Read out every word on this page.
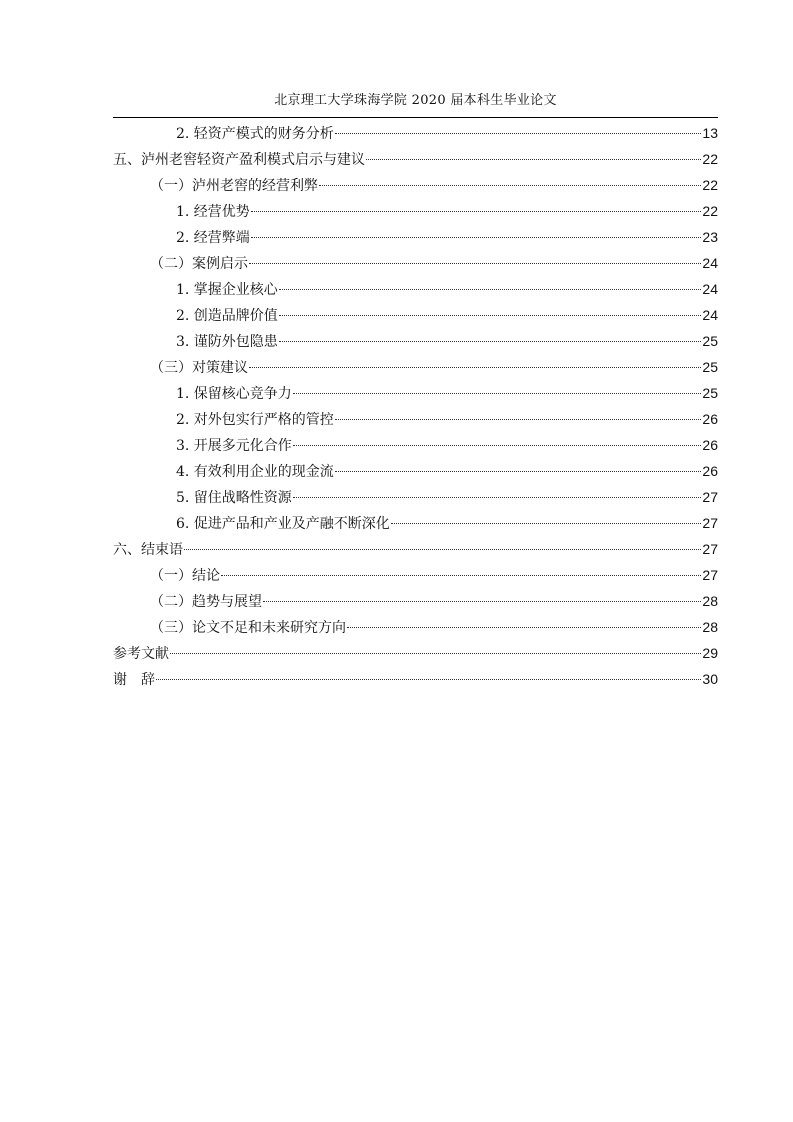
北京理工大学珠海学院 2020 届本科生毕业论文
2. 轻资产模式的财务分析	13
五、泸州老窖轻资产盈利模式启示与建议	22
（一）泸州老窖的经营利弊	22
1. 经营优势	22
2. 经营弊端	23
（二）案例启示	24
1. 掌握企业核心	24
2. 创造品牌价值	24
3. 谨防外包隐患	25
（三）对策建议	25
1. 保留核心竞争力	25
2. 对外包实行严格的管控	26
3. 开展多元化合作	26
4. 有效利用企业的现金流	26
5. 留住战略性资源	27
6. 促进产品和产业及产融不断深化	27
六、结束语	27
（一）结论	27
（二）趋势与展望	28
（三）论文不足和未来研究方向	28
参考文献	29
谢　辞	30
